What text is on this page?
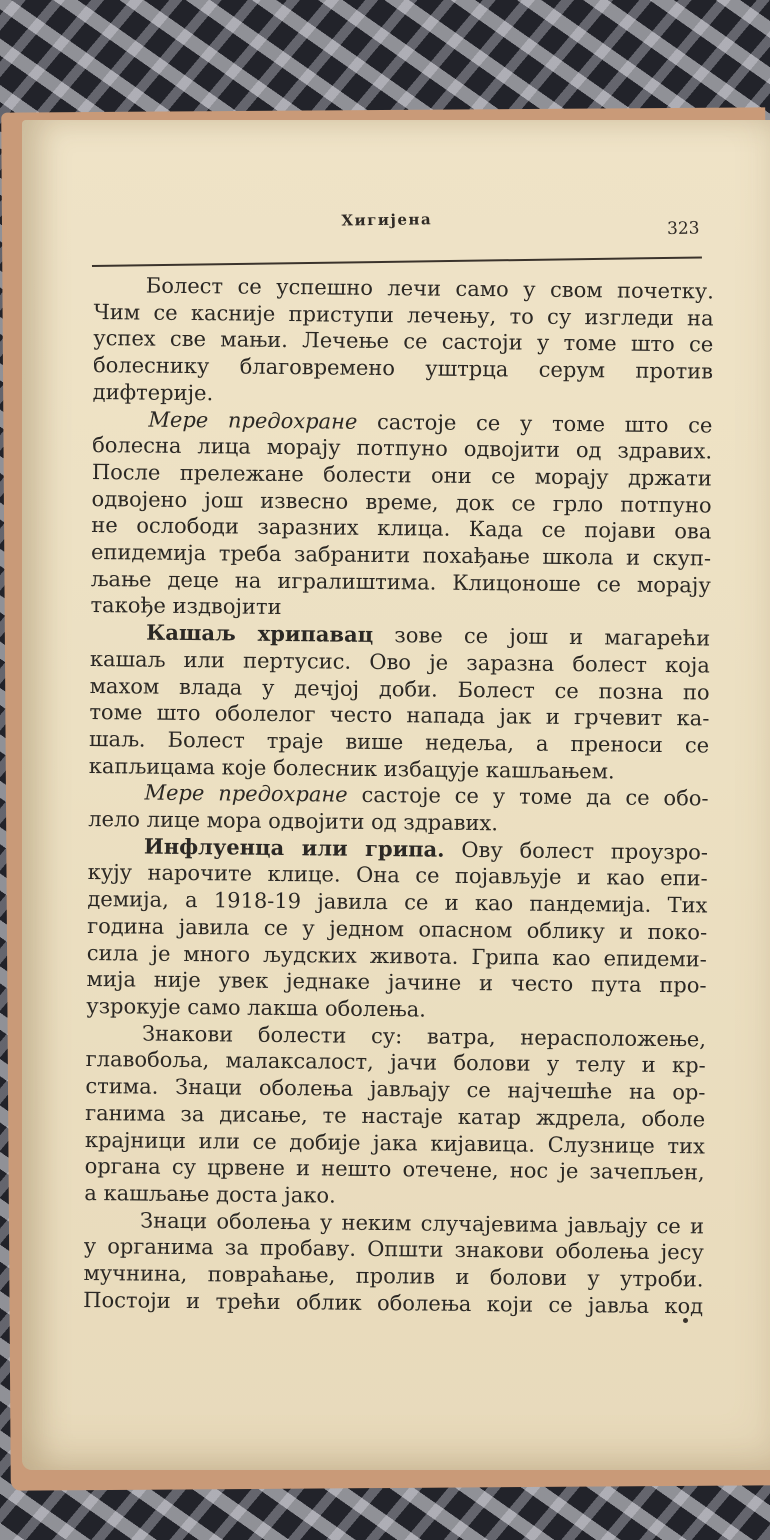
Хигијена	323
Болест се успешно лечи само у свом почетку.
Чим се касније приступи лечењу, то су изгледи на
успех све мањи. Лечење се састоји у томе што се
болеснику благовремено уштрца серум против
дифтерије.
Мере предохране састоје се у томе што се
болесна лица морају потпуно одвојити од здравих.
После прележане болести они се морају држати
одвојено још извесно време, док се грло потпуно
не ослободи заразних клица. Када се појави ова
епидемија треба забранити похађање школа и скуп-
љање деце на игралиштима. Клицоноше се морају
такође издвојити
Кашаљ хрипавац зове се још и магарећи
кашаљ или пертусис. Ово је заразна болест која
махом влада у дечјој доби. Болест се позна по
томе што оболелог често напада јак и грчевит ка-
шаљ. Болест траје више недеља, а преноси се
капљицама које болесник избацује кашљањем.
Мере предохране састоје се у томе да се обо-
лело лице мора одвојити од здравих.
Инфлуенца или грипа. Ову болест проузро-
кују нарочите клице. Она се појављује и као епи-
демија, а 1918-19 јавила се и као пандемија. Тих
година јавила се у једном опасном облику и поко-
сила је много људских живота. Грипа као епидеми-
мија није увек једнаке јачине и често пута про-
узрокује само лакша оболења.
Знакови болести су: ватра, нерасположење,
главобоља, малаксалост, јачи болови у телу и кр-
стима. Знаци оболења јављају се најчешће на ор-
ганима за дисање, те настаје катар ждрела, оболе
крајници или се добије јака кијавица. Слузнице тих
органа су црвене и нешто отечене, нос је зачепљен,
а кашљање доста јако.
Знаци оболења у неким случајевима јављају се и
у органима за пробаву. Општи знакови оболења јесу
мучнина, повраћање, пролив и болови у утроби.
Постоји и трећи облик оболења који се јавља код
